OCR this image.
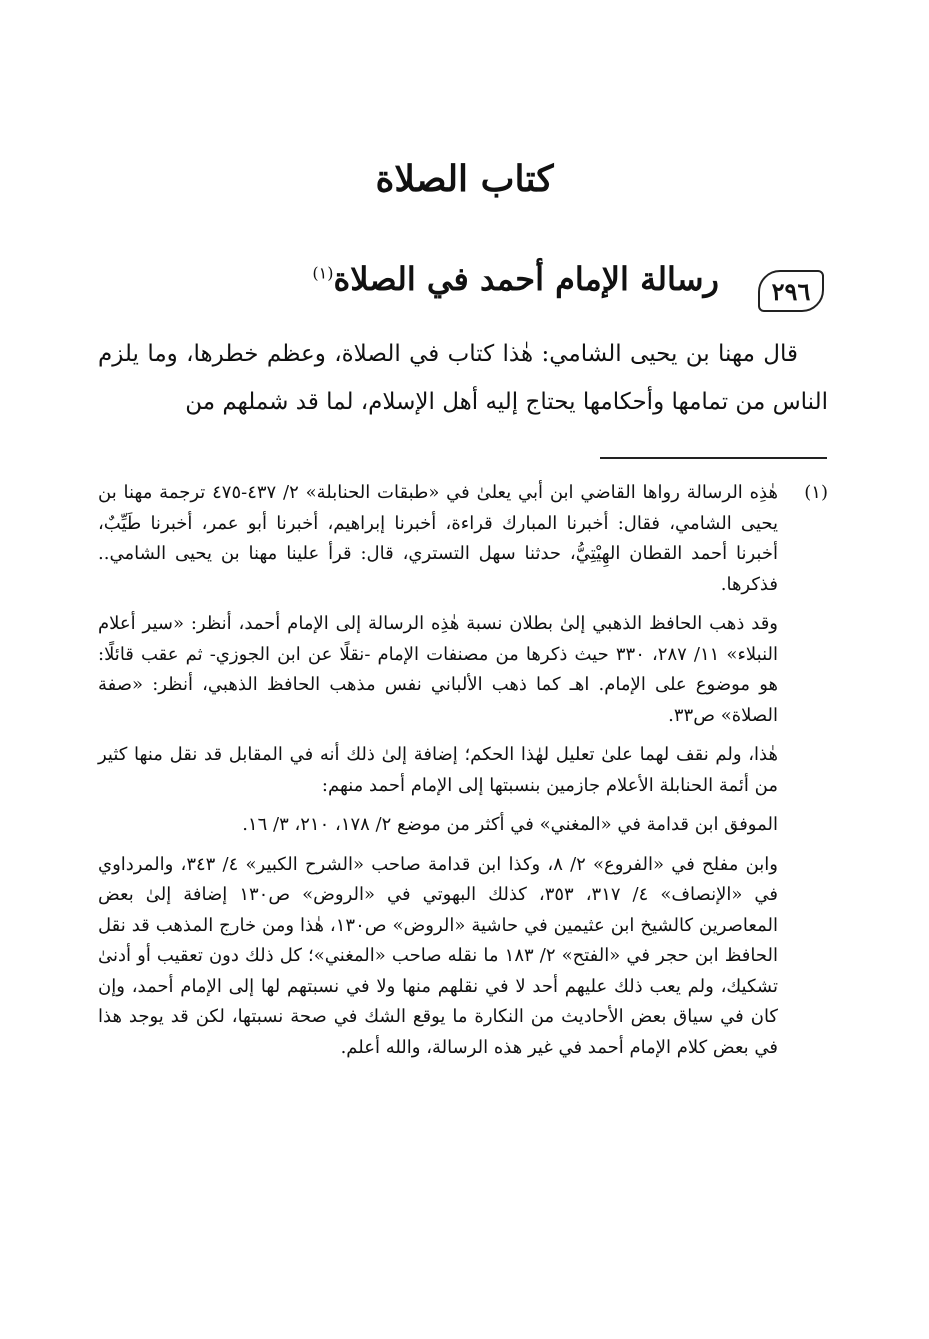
كتاب الصلاة
٢٩٦
رسالة الإمام أحمد في الصلاة$^{(١)}$

قال مهنا بن يحيى الشامي: هٰذا كتاب في الصلاة، وعظم خطرها، وما يلزم الناس من تمامها وأحكامها يحتاج إليه أهل الإسلام، لما قد شملهم من

(١)
هٰذِه الرسالة رواها القاضي ابن أبي يعلىٰ في «طبقات الحنابلة» ٢/ ٤٣٧-٤٧٥ ترجمة مهنا بن يحيى الشامي، فقال: أخبرنا المبارك قراءة، أخبرنا إبراهيم، أخبرنا أبو عمر، أخبرنا طَيِّبٌ، أخبرنا أحمد القطان الهِيْتِيُّ، حدثنا سهل التستري، قال: قرأ علينا مهنا بن يحيى الشامي.. فذكرها.

وقد ذهب الحافظ الذهبي إلىٰ بطلان نسبة هٰذِه الرسالة إلى الإمام أحمد، أنظر: «سير أعلام النبلاء» ١١/ ٢٨٧، ٣٣٠ حيث ذكرها من مصنفات الإمام -نقلًا عن ابن الجوزي- ثم عقب قائلًا: هو موضوع على الإمام. اهـ كما ذهب الألباني نفس مذهب الحافظ الذهبي، أنظر: «صفة الصلاة» ص٣٣.

هٰذا، ولم نقف لهما علىٰ تعليل لهٰذا الحكم؛ إضافة إلىٰ ذلك أنه في المقابل قد نقل منها كثير من أئمة الحنابلة الأعلام جازمين بنسبتها إلى الإمام أحمد منهم:

الموفق ابن قدامة في «المغني» في أكثر من موضع ٢/ ١٧٨، ٢١٠، ٣/ ١٦.

وابن مفلح في «الفروع» ٢/ ٨، وكذا ابن قدامة صاحب «الشرح الكبير» ٤/ ٣٤٣، والمرداوي في «الإنصاف» ٤/ ٣١٧، ٣٥٣، كذلك البهوتي في «الروض» ص١٣٠ إضافة إلىٰ بعض المعاصرين كالشيخ ابن عثيمين في حاشية «الروض» ص١٣٠، هٰذا ومن خارج المذهب قد نقل الحافظ ابن حجر في «الفتح» ٢/ ١٨٣ ما نقله صاحب «المغني»؛ كل ذلك دون تعقيب أو أدنىٰ تشكيك، ولم يعب ذلك عليهم أحد لا في نقلهم منها ولا في نسبتهم لها إلى الإمام أحمد، وإن كان في سياق بعض الأحاديث من النكارة ما يوقع الشك في صحة نسبتها، لكن قد يوجد هذا في بعض كلام الإمام أحمد في غير هذه الرسالة، والله أعلم.
